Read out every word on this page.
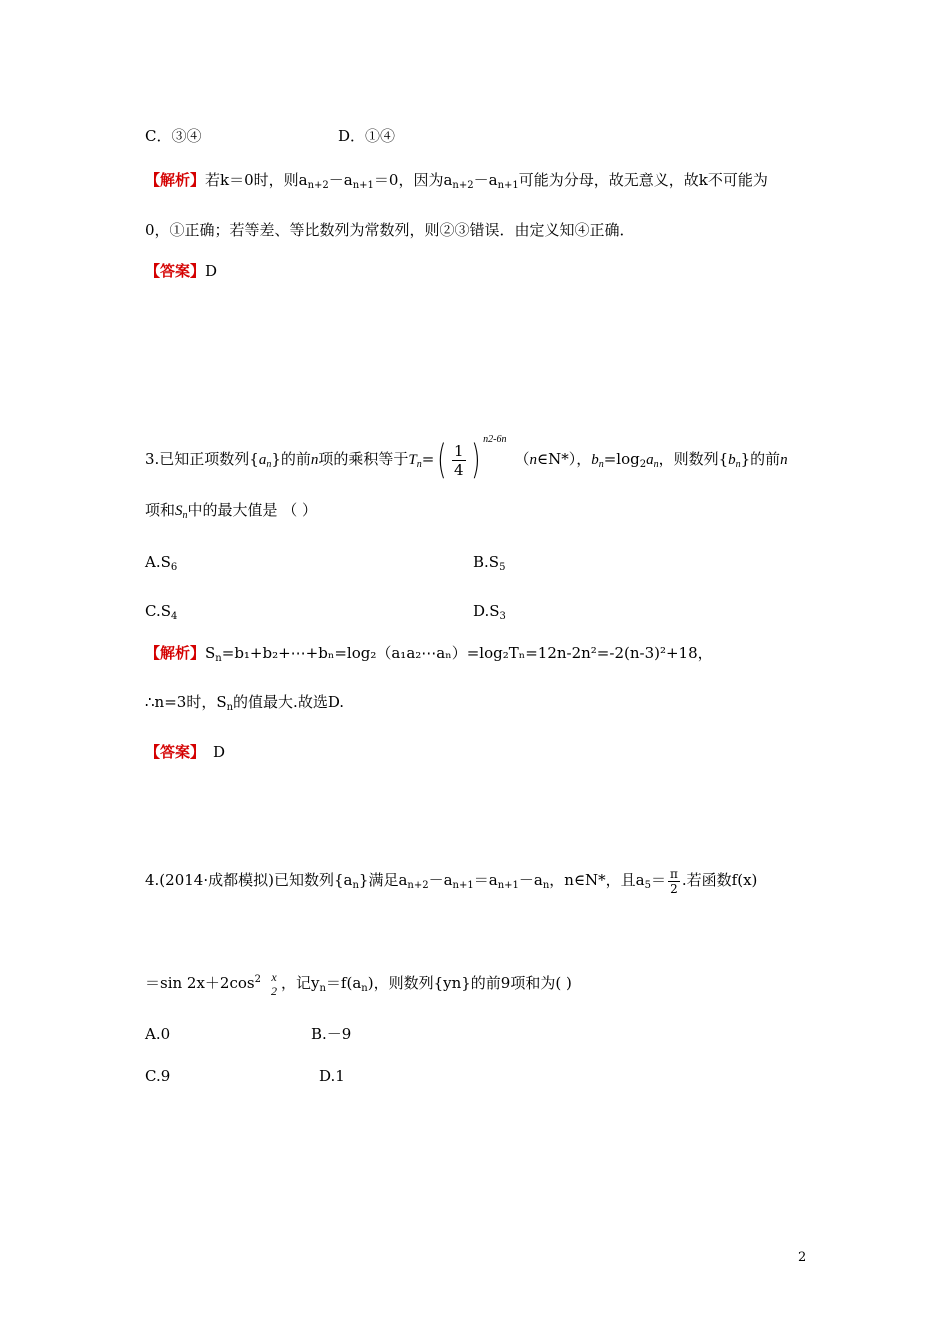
C．③④	D．①④
【解析】若k＝0时，则$a_{n+2}-a_{n+1}=0$，因为$a_{n+2}-a_{n+1}$可能为分母，故无意义，故k不可能为
0，①正确；若等差、等比数列为常数列，则②③错误．由定义知④正确．
【答案】D
3.已知正项数列$\{a_n\}$的前n项的乘积等于$T_n=( \frac{1}{4}$ ) $^{n2-6n}$（n∈N*），$b_n=\log_2a_n$，则数列$\{b_n\}$的前n
项和$S_n$中的最大值是 （ ）
$A.S_6$	$B.S_5$
$C.S_4$	$D.S_3$
【解析】$S_n=b_1+b_2+\cdots+b_n=\log_2(a_1a_2\cdots a_n)=\log_2T_n=12n-2n^2=-2(n-3)^2+18$，
∴n=3时，$S_n$的值最大.故选D.
【答案】 D
4.(2014·成都模拟)已知数列$\{a_n\}$满足$a_{n+2}-a_{n+1}=a_{n+1}-a_n$，n∈N*，且$a_5= \frac{\pi}{2}$ .若函数f(x)
＝sin $2x+2\cos^2$ x
2 ，记$y_n=f(a_n)$，则数列{yn}的前9项和为( )
A.0	B.－9
C.9	D.1
2
